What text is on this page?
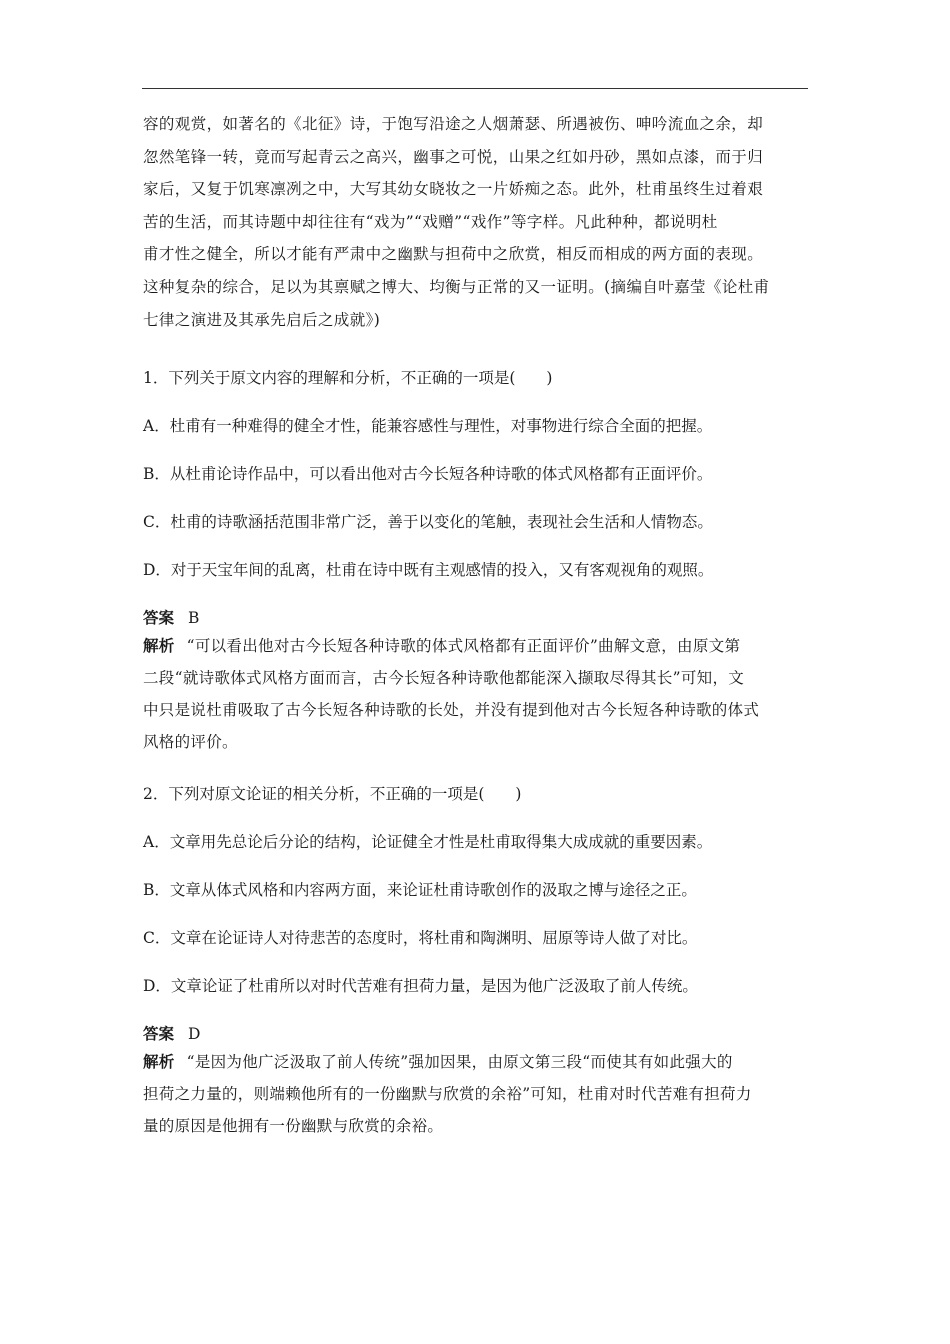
容的观赏，如著名的《北征》诗，于饱写沿途之人烟萧瑟、所遇被伤、呻吟流血之余，却
忽然笔锋一转，竟而写起青云之高兴，幽事之可悦，山果之红如丹砂，黑如点漆，而于归
家后，又复于饥寒凛冽之中，大写其幼女晓妆之一片娇痴之态。此外，杜甫虽终生过着艰
苦的生活，而其诗题中却往往有“戏为”“戏赠”“戏作”等字样。凡此种种，都说明杜
甫才性之健全，所以才能有严肃中之幽默与担荷中之欣赏，相反而相成的两方面的表现。
这种复杂的综合，足以为其禀赋之博大、均衡与正常的又一证明。(摘编自叶嘉莹《论杜甫
七律之演进及其承先启后之成就》)

1．下列关于原文内容的理解和分析，不正确的一项是(　　)

A．杜甫有一种难得的健全才性，能兼容感性与理性，对事物进行综合全面的把握。

B．从杜甫论诗作品中，可以看出他对古今长短各种诗歌的体式风格都有正面评价。

C．杜甫的诗歌涵括范围非常广泛，善于以变化的笔触，表现社会生活和人情物态。

D．对于天宝年间的乱离，杜甫在诗中既有主观感情的投入，又有客观视角的观照。

答案 B

解析 “可以看出他对古今长短各种诗歌的体式风格都有正面评价”曲解文意，由原文第
二段“就诗歌体式风格方面而言，古今长短各种诗歌他都能深入撷取尽得其长”可知，文
中只是说杜甫吸取了古今长短各种诗歌的长处，并没有提到他对古今长短各种诗歌的体式
风格的评价。

2．下列对原文论证的相关分析，不正确的一项是(　　)

A．文章用先总论后分论的结构，论证健全才性是杜甫取得集大成成就的重要因素。

B．文章从体式风格和内容两方面，来论证杜甫诗歌创作的汲取之博与途径之正。

C．文章在论证诗人对待悲苦的态度时，将杜甫和陶渊明、屈原等诗人做了对比。

D．文章论证了杜甫所以对时代苦难有担荷力量，是因为他广泛汲取了前人传统。

答案 D

解析 “是因为他广泛汲取了前人传统”强加因果，由原文第三段“而使其有如此强大的
担荷之力量的，则端赖他所有的一份幽默与欣赏的余裕”可知，杜甫对时代苦难有担荷力
量的原因是他拥有一份幽默与欣赏的余裕。
